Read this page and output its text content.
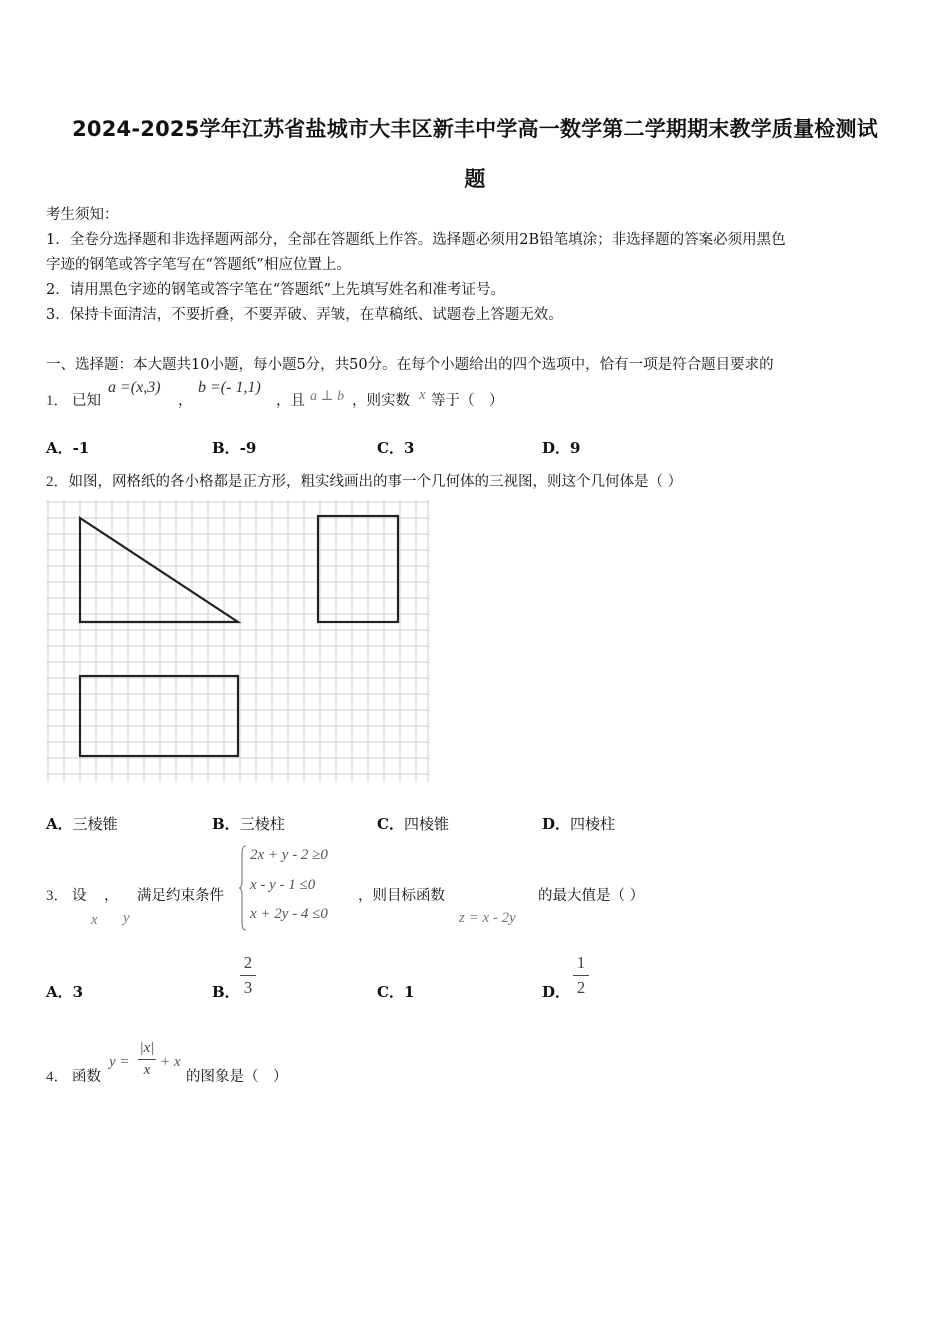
2024-2025学年江苏省盐城市大丰区新丰中学高一数学第二学期期末教学质量检测试
题
考生须知：
1．全卷分选择题和非选择题两部分，全部在答题纸上作答。选择题必须用2B铅笔填涂；非选择题的答案必须用黑色
字迹的钢笔或答字笔写在“答题纸”相应位置上。
2．请用黑色字迹的钢笔或答字笔在“答题纸”上先填写姓名和准考证号。
3．保持卡面清洁，不要折叠，不要弄破、弄皱，在草稿纸、试题卷上答题无效。
一、选择题：本大题共10小题，每小题5分，共50分。在每个小题给出的四个选项中，恰有一项是符合题目要求的
1． 已知
a =(x,3)
，
b =(- 1,1)
，且 a ⊥ b ，则实数 x 等于（　）
A．-1	B．-9	C．3	D．9
2．如图，网格纸的各小格都是正方形，粗实线画出的事一个几何体的三视图，则这个几何体是（ ）
A．三棱锥	B．三棱柱	C．四棱锥	D．四棱柱
3． 设 ， 满足约束条件
x y
2x + y - 2 ≥0
x - y - 1 ≤0
x + 2y - 4 ≤0
，则目标函数
z = x - 2y
的最大值是（ ）
A．3	B．
2
3	C．1	D．
1
2
4． 函数
y =
|x|
x + x
的图象是（　）
